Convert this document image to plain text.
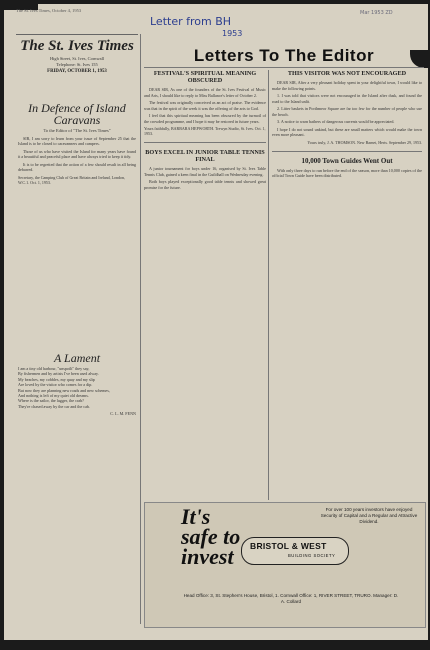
The St. Ives Times, October 4, 1953	Mar 1953 ZD
Letter from BH
1953
The St. Ives Times
High Street, St. Ives, Cornwall
Telephone: St. Ives 155
FRIDAY, OCTOBER 1, 1953
In Defence of Island Caravans
To the Editor of "The St. Ives Times"

SIR, I am sorry to learn from your issue of September 25 that the Island is to be closed to caravanners and campers.

Those of us who have visited the Island for many years have found it a beautiful and peaceful place and have always tried to keep it tidy.

It is to be regretted that the action of a few should result in all being debarred.

Secretary, the Camping Club of Great Britain and Ireland, London, W.C.1. Oct. 1, 1953.
A Lament
I am a tiny old harbour, "unspoilt" they say,
By fishermen and by artists I've been used alway.
My beaches, my cobbles, my quay and my slip
Are loved by the visitor who comes for a dip.
But now they are planning new roads and new schemes,
And nothing is left of my quiet old dreams.
Where is the sailor, the lugger, the crab?
They're chased away by the car and the cab.
C. L. M. FENN
Letters To The Editor
FESTIVAL'S SPIRITUAL MEANING OBSCURED

DEAR SIR, As one of the founders of the St. Ives Festival of Music and Arts, I should like to reply to Miss Ballance's letter of October 2.

The festival was originally conceived as an act of praise. The evidence was that in the spirit of the week it was the offering of the arts to God.

I feel that this spiritual meaning has been obscured by the turmoil of the crowded programme, and I hope it may be restored in future years.

Yours faithfully, BARBARA HEPWORTH. Trewyn Studio, St. Ives. Oct. 1, 1953.
BOYS EXCEL IN JUNIOR TABLE TENNIS FINAL

A junior tournament for boys under 16, organised by St. Ives Table Tennis Club, gained a keen final in the Guildhall on Wednesday evening.

Both boys played exceptionally good table tennis and showed great promise for the future.

THIS VISITOR WAS NOT ENCOURAGED

DEAR SIR, After a very pleasant holiday spent in your delightful town, I would like to make the following points.

1. I was told that visitors were not encouraged in the Island after dusk, and found the road to the Island unlit.

2. Litter baskets in Porthmeor Square are far too few for the number of people who use the beach.

3. A notice to warn bathers of dangerous currents would be appreciated.

I hope I do not sound unkind, but these are small matters which would make the town even more pleasant.

Yours truly, J. A. THOMSON. New Barnet, Herts. September 29, 1953.
10,000 Town Guides Went Out

With only three days to run before the end of the season, more than 10,000 copies of the official Town Guide have been distributed.

It's
safe to
invest	BRISTOL & WEST
BUILDING SOCIETY
For over 100 years investors have enjoyed Security of Capital and a Regular and Attractive Dividend.
Head Office: 3, St. Stephen's House, Bristol, 1. Cornwall Office: 1, RIVER STREET, TRURO. Manager: D. A. Collard
